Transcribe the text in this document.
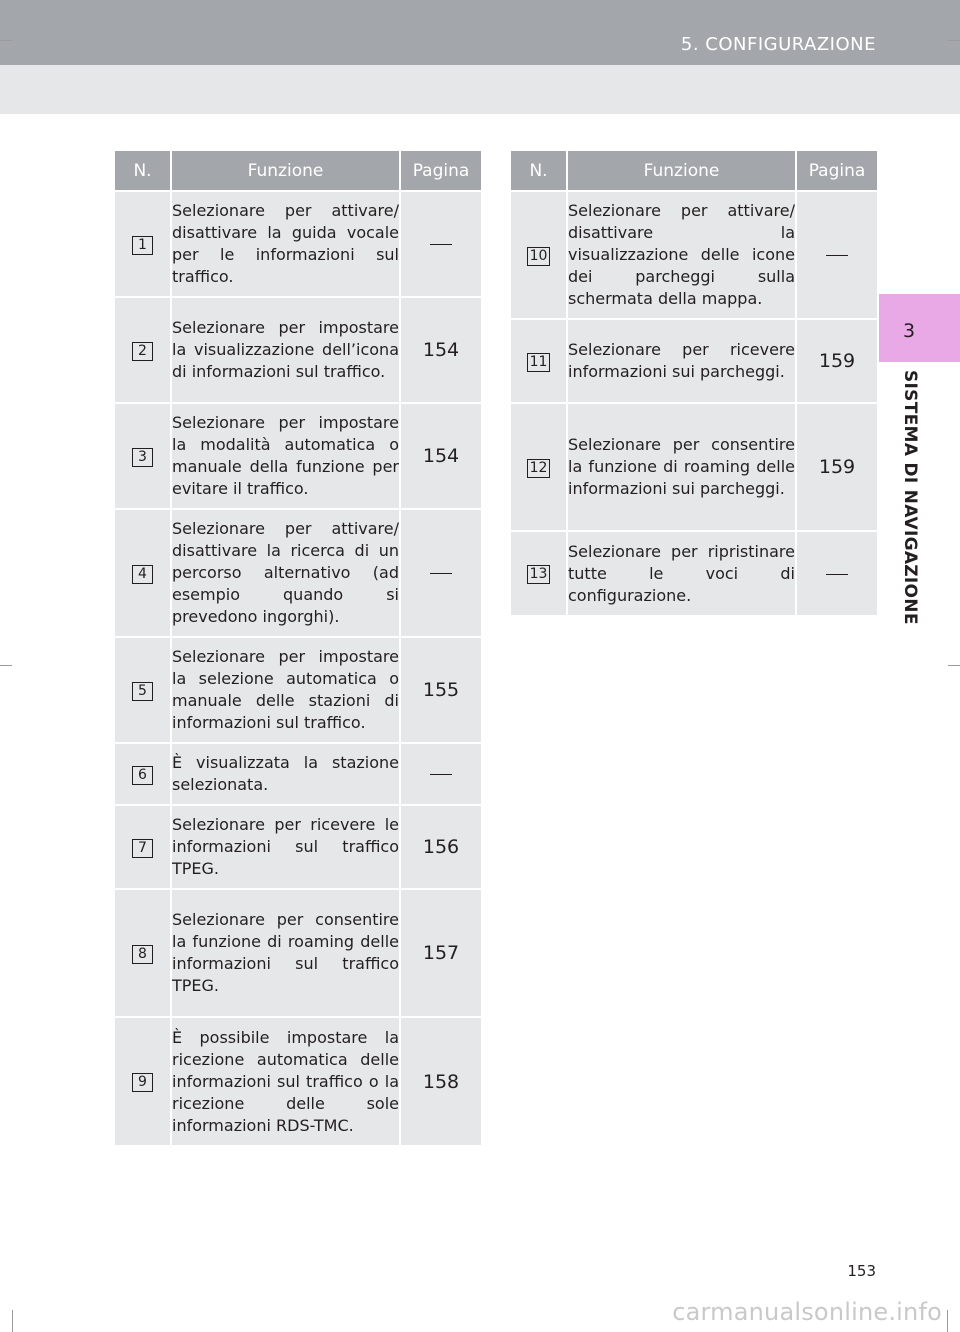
5. CONFIGURAZIONE
3
SISTEMA DI NAVIGAZIONE
N.	Funzione	Pagina
1	Selezionare per attivare/ disattivare la guida vocale per le informazioni sul traffico.	
2	Selezionare per impostare la visualizzazione dell’icona di informazioni sul traffico.	154
3	Selezionare per impostare la modalità automatica o manuale della funzione per evitare il traffico.	154
4	Selezionare per attivare/ disattivare la ricerca di un percorso alternativo (ad esempio quando si prevedono ingorghi).	
5	Selezionare per impostare la selezione automatica o manuale delle stazioni di informazioni sul traffico.	155
6	È visualizzata la stazione selezionata.	
7	Selezionare per ricevere le informazioni sul traffico TPEG.	156
8	Selezionare per consentire la funzione di roaming delle informazioni sul traffico TPEG.	157
9	È possibile impostare la ricezione automatica delle informazioni sul traffico o la ricezione delle sole informazioni RDS-TMC.	158
N.	Funzione	Pagina
10	Selezionare per attivare/ disattivare la visualizzazione delle icone dei parcheggi sulla schermata della mappa.	
11	Selezionare per ricevere informazioni sui parcheggi.	159
12	Selezionare per consentire la funzione di roaming delle informazioni sui parcheggi.	159
13	Selezionare per ripristinare tutte le voci di configurazione.	
153
carmanualsonline.info
